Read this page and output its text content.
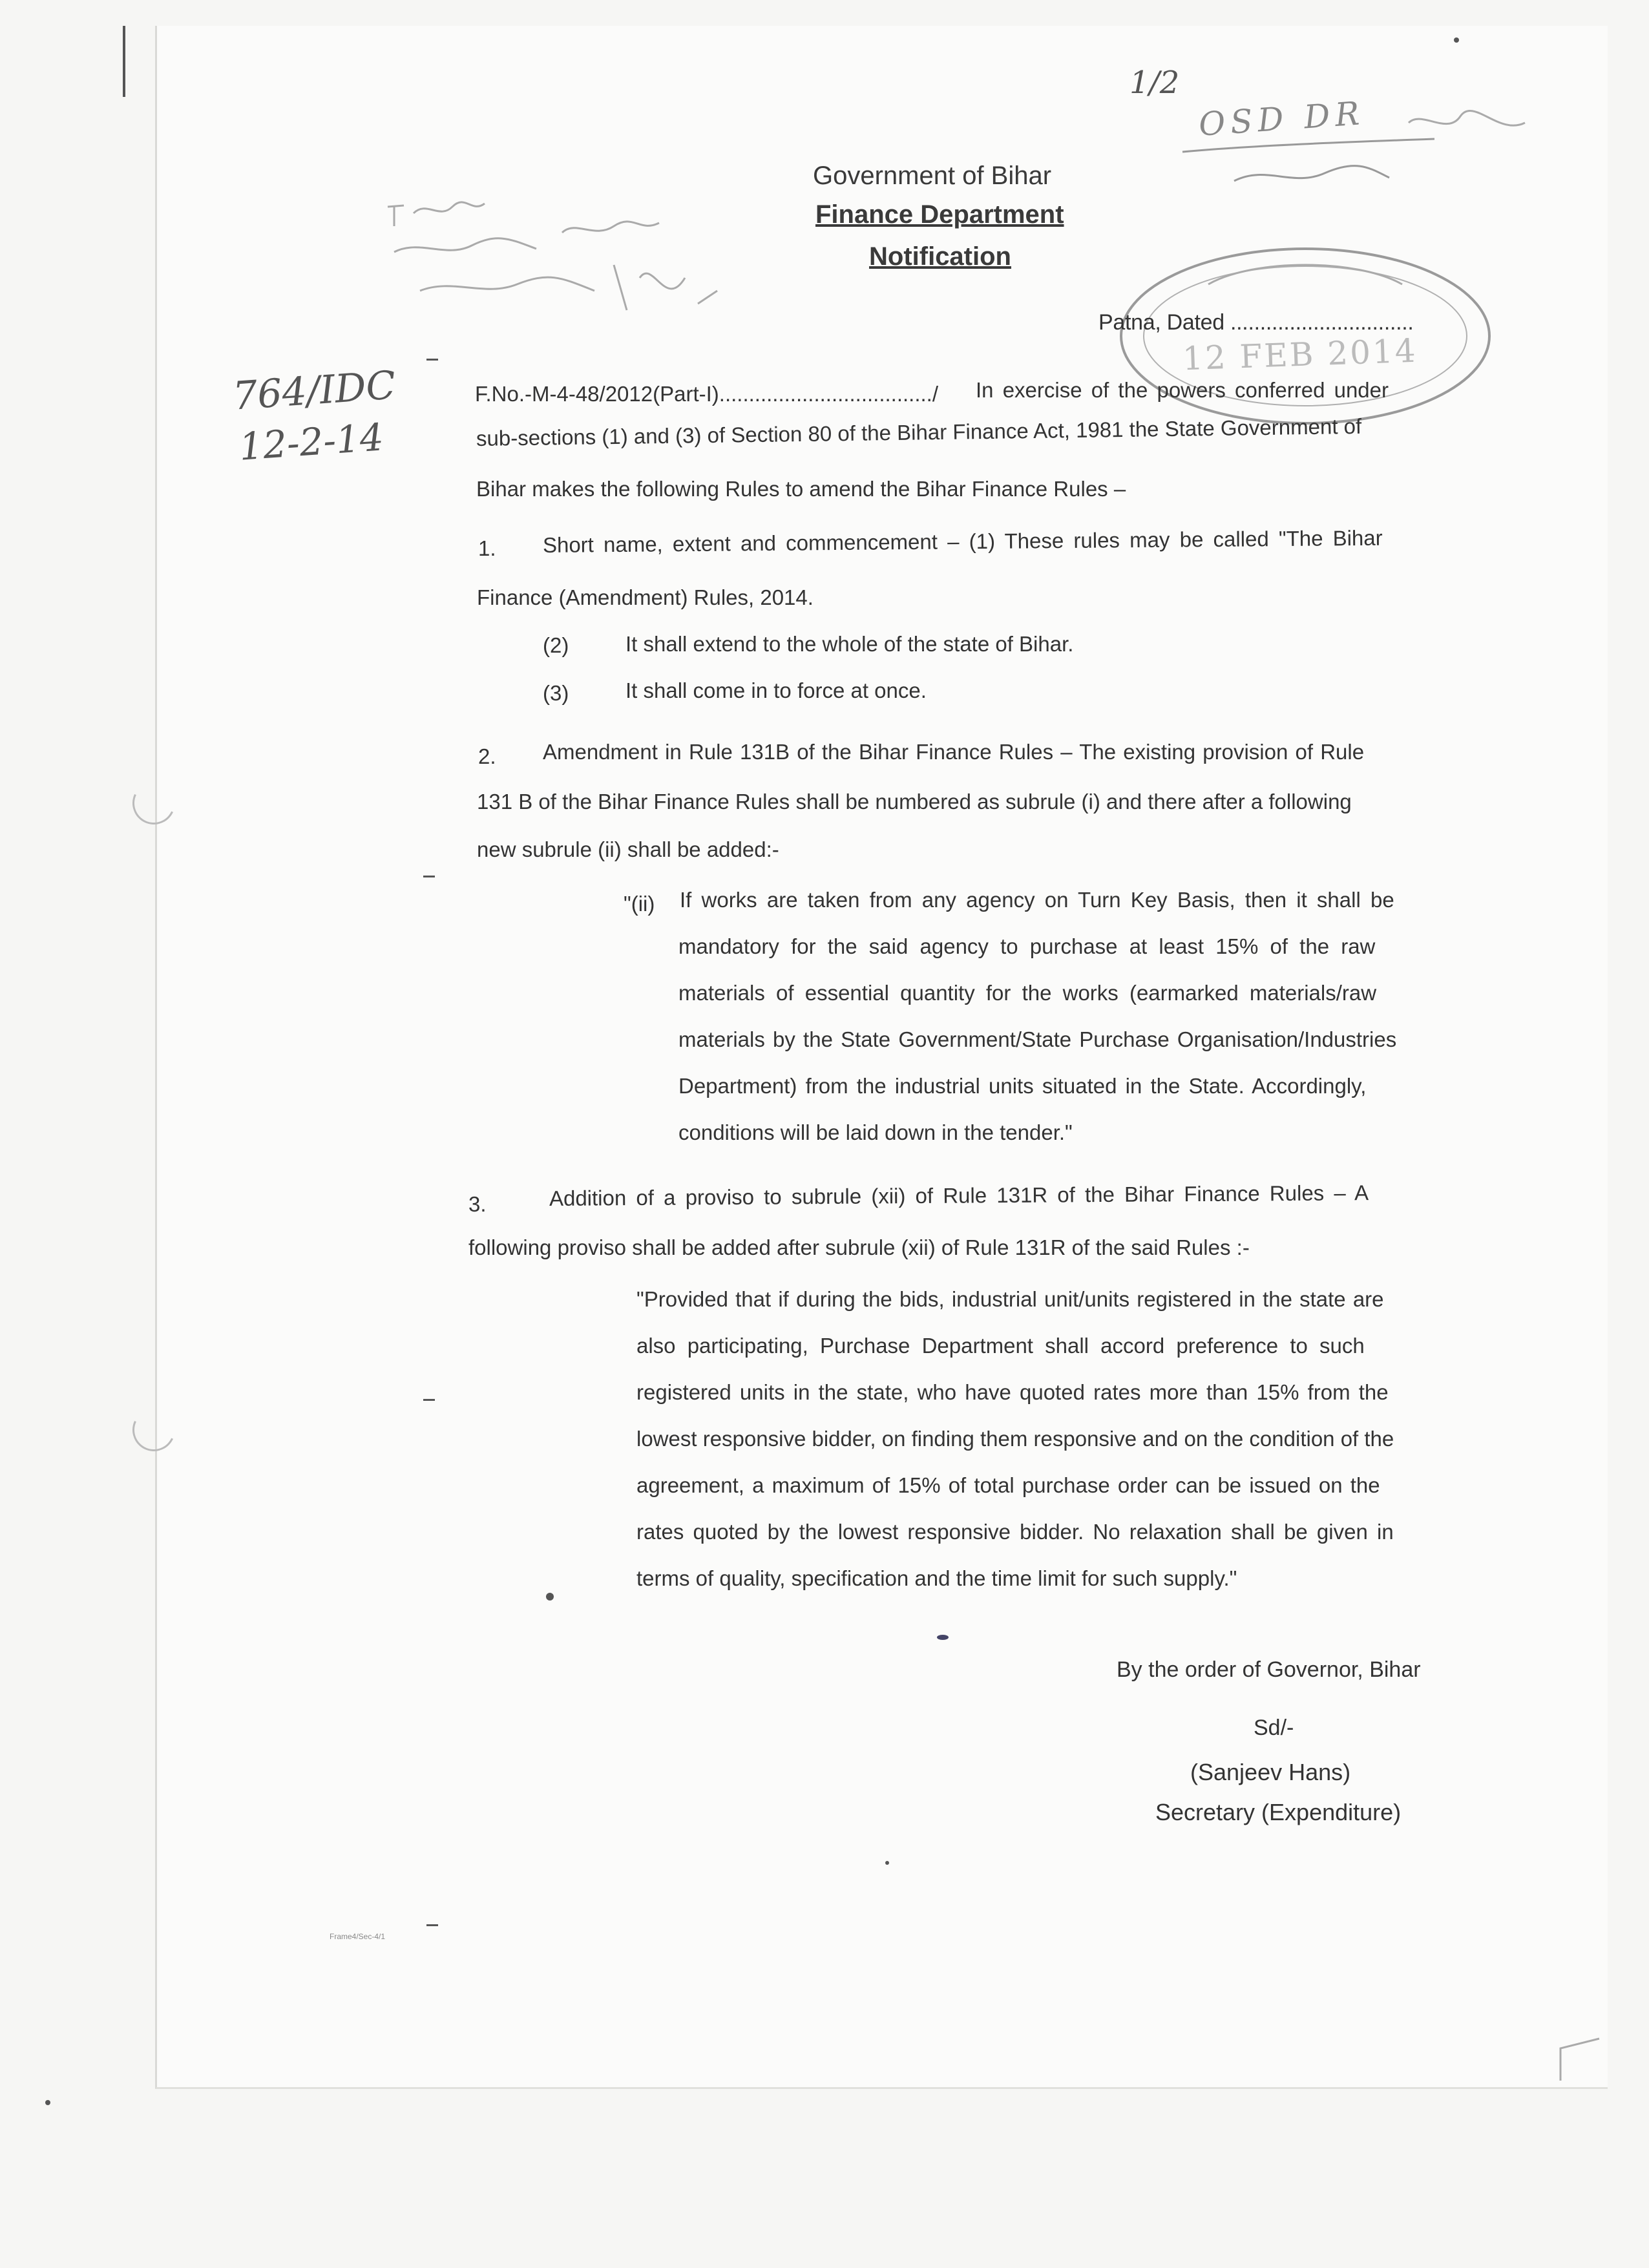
1/2
OSD DR
Government of Bihar
Finance Department
Notification
12 FEB 2014
Patna, Dated ...............................
764/IDC
12-2-14
F.No.-M-4-48/2012(Part-I)..................................../ In exercise of the powers conferred under
sub-sections (1) and (3) of Section 80 of the Bihar Finance Act, 1981 the State Government of
Bihar makes the following Rules to amend the Bihar Finance Rules –
1. Short name, extent and commencement – (1) These rules may be called "The Bihar
Finance (Amendment) Rules, 2014.
(2)	It shall extend to the whole of the state of Bihar.
(3)	It shall come in to force at once.
2. Amendment in Rule 131B of the Bihar Finance Rules – The existing provision of Rule
131 B of the Bihar Finance Rules shall be numbered as subrule (i) and there after a following
new subrule (ii) shall be added:-
"(ii) If works are taken from any agency on Turn Key Basis, then it shall be
mandatory for the said agency to purchase at least 15% of the raw
materials of essential quantity for the works (earmarked materials/raw
materials by the State Government/State Purchase Organisation/Industries
Department) from the industrial units situated in the State. Accordingly,
conditions will be laid down in the tender."
3.	Addition of a proviso to subrule (xii) of Rule 131R of the Bihar Finance Rules – A
following proviso shall be added after subrule (xii) of Rule 131R of the said Rules :-
"Provided that if during the bids, industrial unit/units registered in the state are
also participating, Purchase Department shall accord preference to such
registered units in the state, who have quoted rates more than 15% from the
lowest responsive bidder, on finding them responsive and on the condition of the
agreement, a maximum of 15% of total purchase order can be issued on the
rates quoted by the lowest responsive bidder. No relaxation shall be given in
terms of quality, specification and the time limit for such supply."
By the order of Governor, Bihar
Sd/-
(Sanjeev Hans)
Secretary (Expenditure)
Frame4/Sec-4/1
